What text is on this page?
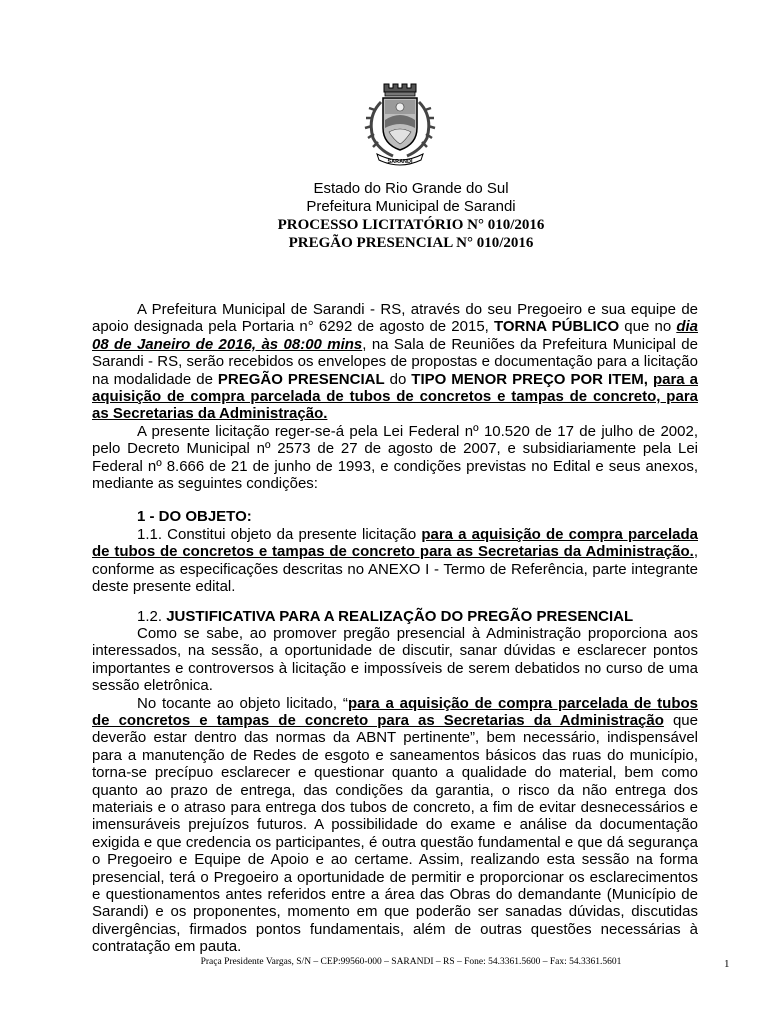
SARANDI
Estado do Rio Grande do Sul
Prefeitura Municipal de Sarandi
PROCESSO LICITATÓRIO N° 010/2016
PREGÃO PRESENCIAL N° 010/2016

A Prefeitura Municipal de Sarandi - RS, através do seu Pregoeiro e sua equipe de apoio designada pela Portaria n° 6292 de agosto de 2015, TORNA PÚBLICO que no dia 08 de Janeiro de 2016, às 08:00 mins, na Sala de Reuniões da Prefeitura Municipal de Sarandi - RS, serão recebidos os envelopes de propostas e documentação para a licitação na modalidade de PREGÃO PRESENCIAL do TIPO MENOR PREÇO POR ITEM, para a aquisição de compra parcelada de tubos de concretos e tampas de concreto, para as Secretarias da Administração.

A presente licitação reger-se-á pela Lei Federal nº 10.520 de 17 de julho de 2002, pelo Decreto Municipal nº 2573 de 27 de agosto de 2007, e subsidiariamente pela Lei Federal nº 8.666 de 21 de junho de 1993, e condições previstas no Edital e seus anexos, mediante as seguintes condições:

1 - DO OBJETO:

1.1. Constitui objeto da presente licitação para a aquisição de compra parcelada de tubos de concretos e tampas de concreto para as Secretarias da Administração., conforme as especificações descritas no ANEXO I - Termo de Referência, parte integrante deste presente edital.

1.2. JUSTIFICATIVA PARA A REALIZAÇÃO DO PREGÃO PRESENCIAL

Como se sabe, ao promover pregão presencial à Administração proporciona aos interessados, na sessão, a oportunidade de discutir, sanar dúvidas e esclarecer pontos importantes e controversos à licitação e impossíveis de serem debatidos no curso de uma sessão eletrônica.

No tocante ao objeto licitado, “para a aquisição de compra parcelada de tubos de concretos e tampas de concreto para as Secretarias da Administração que deverão estar dentro das normas da ABNT pertinente”, bem necessário, indispensável para a manutenção de Redes de esgoto e saneamentos básicos das ruas do município, torna-se precípuo esclarecer e questionar quanto a qualidade do material, bem como quanto ao prazo de entrega, das condições da garantia, o risco da não entrega dos materiais e o atraso para entrega dos tubos de concreto, a fim de evitar desnecessários e imensuráveis prejuízos futuros. A possibilidade do exame e análise da documentação exigida e que credencia os participantes, é outra questão fundamental e que dá segurança o Pregoeiro e Equipe de Apoio e ao certame. Assim, realizando esta sessão na forma presencial, terá o Pregoeiro a oportunidade de permitir e proporcionar os esclarecimentos e questionamentos antes referidos entre a área das Obras do demandante (Município de Sarandi) e os proponentes, momento em que poderão ser sanadas dúvidas, discutidas divergências, firmados pontos fundamentais, além de outras questões necessárias à contratação em pauta.

Praça Presidente Vargas, S/N – CEP:99560-000 – SARANDI – RS – Fone: 54.3361.5600 – Fax: 54.3361.5601	1
